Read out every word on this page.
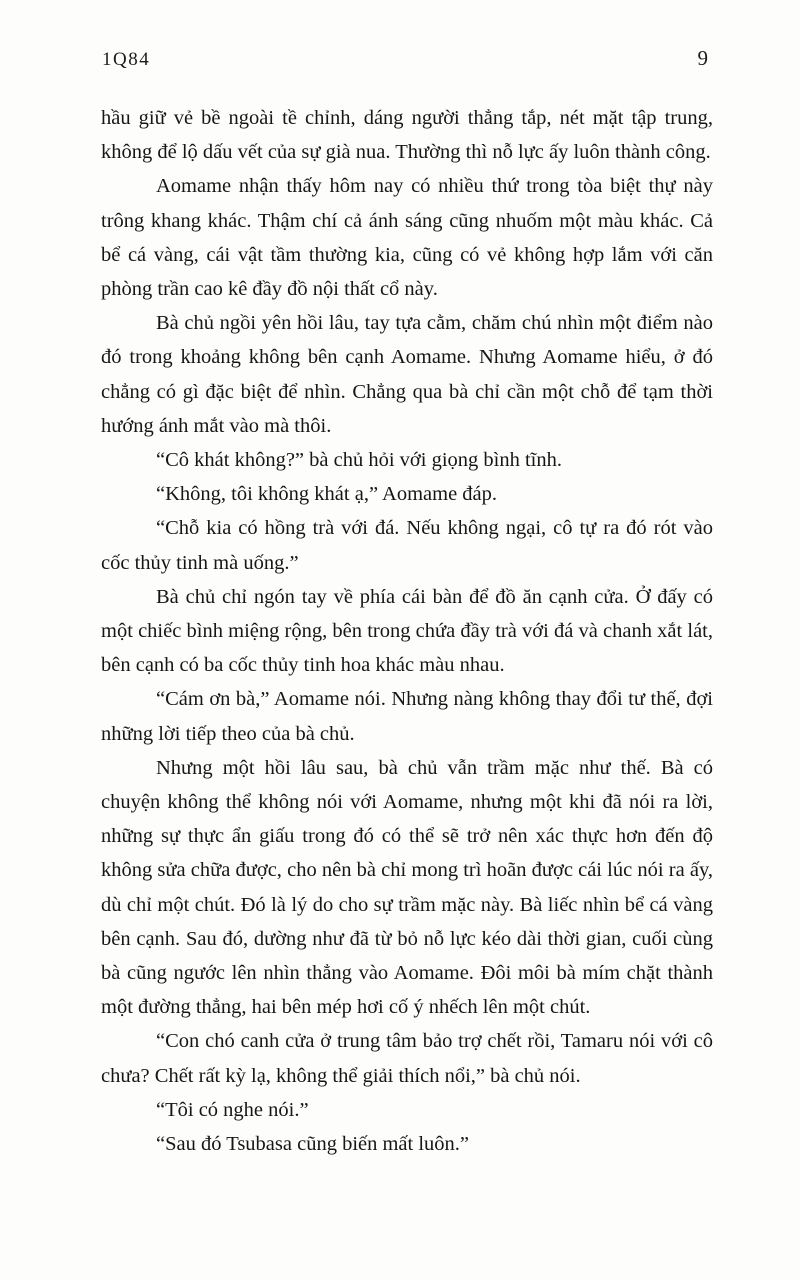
1Q84	9

hầu giữ vẻ bề ngoài tề chỉnh, dáng người thẳng tắp, nét mặt tập trung, không để lộ dấu vết của sự già nua. Thường thì nỗ lực ấy luôn thành công.

Aomame nhận thấy hôm nay có nhiều thứ trong tòa biệt thự này trông khang khác. Thậm chí cả ánh sáng cũng nhuốm một màu khác. Cả bể cá vàng, cái vật tầm thường kia, cũng có vẻ không hợp lắm với căn phòng trần cao kê đầy đồ nội thất cổ này.

Bà chủ ngồi yên hồi lâu, tay tựa cằm, chăm chú nhìn một điểm nào đó trong khoảng không bên cạnh Aomame. Nhưng Aomame hiểu, ở đó chẳng có gì đặc biệt để nhìn. Chẳng qua bà chỉ cần một chỗ để tạm thời hướng ánh mắt vào mà thôi.

“Cô khát không?” bà chủ hỏi với giọng bình tĩnh.

“Không, tôi không khát ạ,” Aomame đáp.

“Chỗ kia có hồng trà với đá. Nếu không ngại, cô tự ra đó rót vào cốc thủy tinh mà uống.”

Bà chủ chỉ ngón tay về phía cái bàn để đồ ăn cạnh cửa. Ở đấy có một chiếc bình miệng rộng, bên trong chứa đầy trà với đá và chanh xắt lát, bên cạnh có ba cốc thủy tinh hoa khác màu nhau.

“Cám ơn bà,” Aomame nói. Nhưng nàng không thay đổi tư thế, đợi những lời tiếp theo của bà chủ.

Nhưng một hồi lâu sau, bà chủ vẫn trầm mặc như thế. Bà có chuyện không thể không nói với Aomame, nhưng một khi đã nói ra lời, những sự thực ẩn giấu trong đó có thể sẽ trở nên xác thực hơn đến độ không sửa chữa được, cho nên bà chỉ mong trì hoãn được cái lúc nói ra ấy, dù chỉ một chút. Đó là lý do cho sự trầm mặc này. Bà liếc nhìn bể cá vàng bên cạnh. Sau đó, dường như đã từ bỏ nỗ lực kéo dài thời gian, cuối cùng bà cũng ngước lên nhìn thẳng vào Aomame. Đôi môi bà mím chặt thành một đường thẳng, hai bên mép hơi cố ý nhếch lên một chút.

“Con chó canh cửa ở trung tâm bảo trợ chết rồi, Tamaru nói với cô chưa? Chết rất kỳ lạ, không thể giải thích nổi,” bà chủ nói.

“Tôi có nghe nói.”

“Sau đó Tsubasa cũng biến mất luôn.”
